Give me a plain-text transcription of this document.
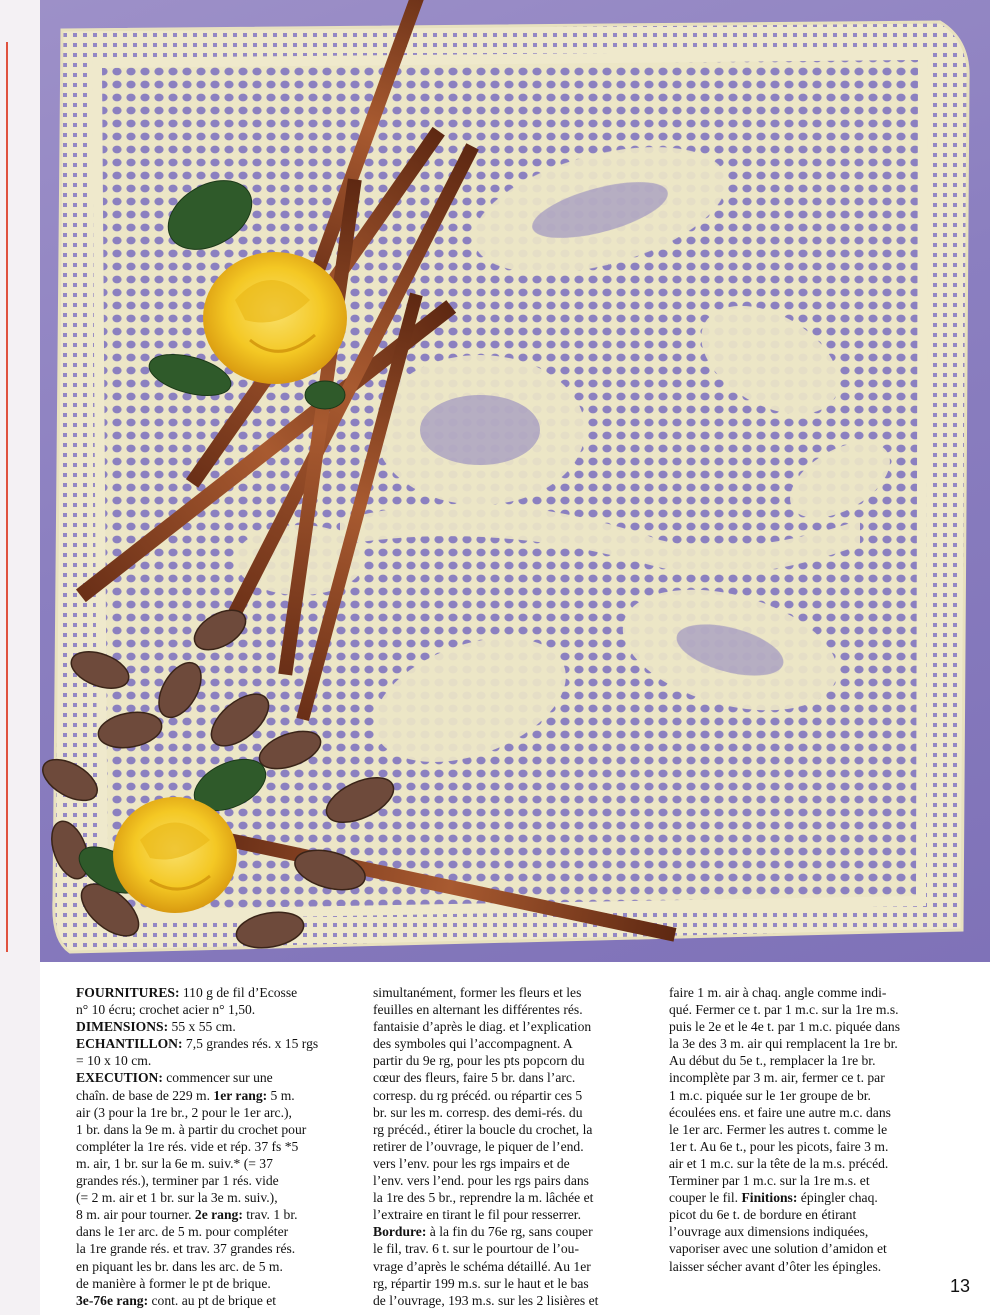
FOURNITURES: 110 g de fil d’Ecosse
n° 10 écru; crochet acier n° 1,50.
DIMENSIONS: 55 x 55 cm.
ECHANTILLON: 7,5 grandes rés. x 15 rgs
= 10 x 10 cm.
EXECUTION: commencer sur une
chaîn. de base de 229 m. 1er rang: 5 m.
air (3 pour la 1re br., 2 pour le 1er arc.),
1 br. dans la 9e m. à partir du crochet pour
compléter la 1re rés. vide et rép. 37 fs *5
m. air, 1 br. sur la 6e m. suiv.* (= 37
grandes rés.), terminer par 1 rés. vide
(= 2 m. air et 1 br. sur la 3e m. suiv.),
8 m. air pour tourner. 2e rang: trav. 1 br.
dans le 1er arc. de 5 m. pour compléter
la 1re grande rés. et trav. 37 grandes rés.
en piquant les br. dans les arc. de 5 m.
de manière à former le pt de brique.
3e-76e rang: cont. au pt de brique et
simultanément, former les fleurs et les
feuilles en alternant les différentes rés.
fantaisie d’après le diag. et l’explication
des symboles qui l’accompagnent. A
partir du 9e rg, pour les pts popcorn du
cœur des fleurs, faire 5 br. dans l’arc.
corresp. du rg précéd. ou répartir ces 5
br. sur les m. corresp. des demi-rés. du
rg précéd., étirer la boucle du crochet, la
retirer de l’ouvrage, le piquer de l’end.
vers l’env. pour les rgs impairs et de
l’env. vers l’end. pour les rgs pairs dans
la 1re des 5 br., reprendre la m. lâchée et
l’extraire en tirant le fil pour resserrer.
Bordure: à la fin du 76e rg, sans couper
le fil, trav. 6 t. sur le pourtour de l’ou-
vrage d’après le schéma détaillé. Au 1er
rg, répartir 199 m.s. sur le haut et le bas
de l’ouvrage, 193 m.s. sur les 2 lisières et
faire 1 m. air à chaq. angle comme indi-
qué. Fermer ce t. par 1 m.c. sur la 1re m.s.
puis le 2e et le 4e t. par 1 m.c. piquée dans
la 3e des 3 m. air qui remplacent la 1re br.
Au début du 5e t., remplacer la 1re br.
incomplète par 3 m. air, fermer ce t. par
1 m.c. piquée sur le 1er groupe de br.
écoulées ens. et faire une autre m.c. dans
le 1er arc. Fermer les autres t. comme le
1er t. Au 6e t., pour les picots, faire 3 m.
air et 1 m.c. sur la tête de la m.s. précéd.
Terminer par 1 m.c. sur la 1re m.s. et
couper le fil. Finitions: épingler chaq.
picot du 6e t. de bordure en étirant
l’ouvrage aux dimensions indiquées,
vaporiser avec une solution d’amidon et
laisser sécher avant d’ôter les épingles.
13
